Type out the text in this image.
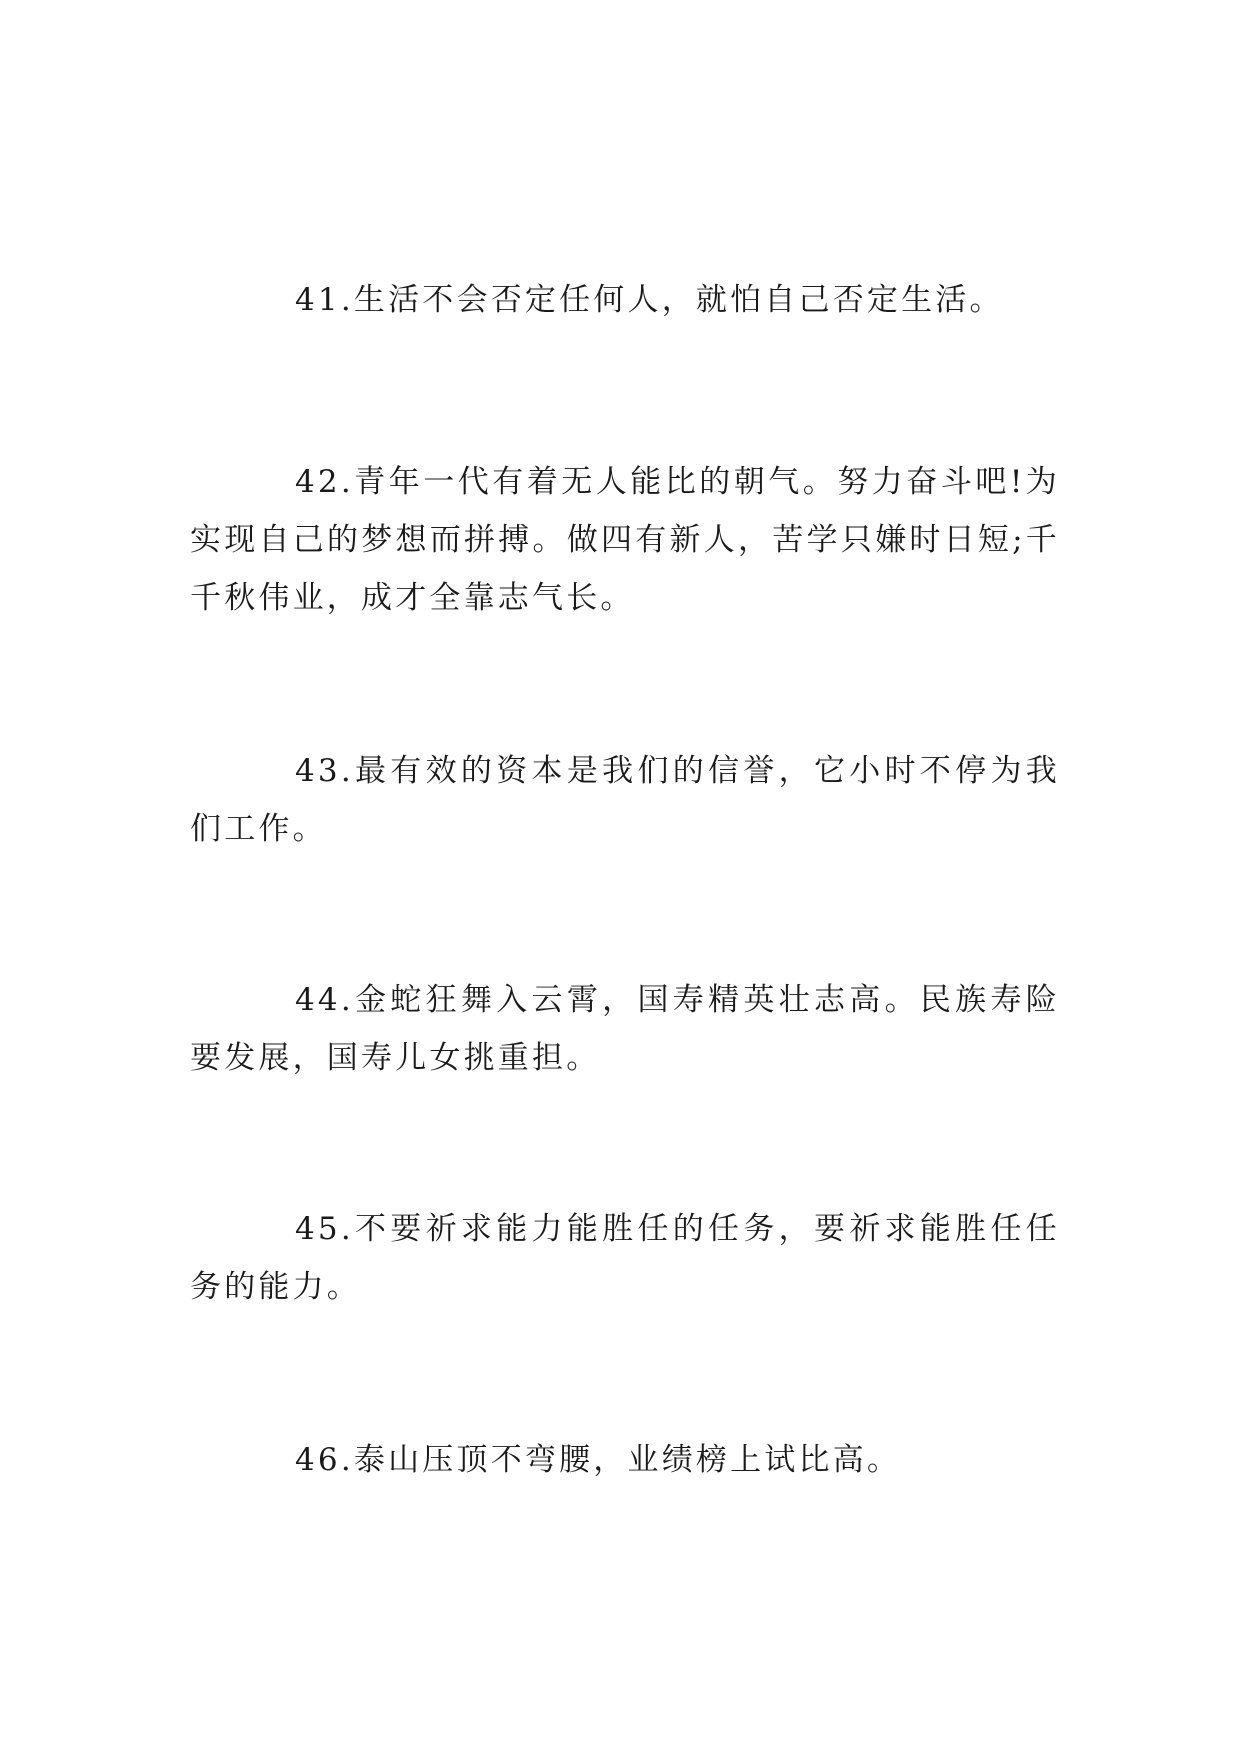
41.生活不会否定任何人，就怕自己否定生活。

42.青年一代有着无人能比的朝气。努力奋斗吧!为实现自己的梦想而拼搏。做四有新人，苦学只嫌时日短;千千秋伟业，成才全靠志气长。

43.最有效的资本是我们的信誉，它小时不停为我们工作。

44.金蛇狂舞入云霄，国寿精英壮志高。民族寿险要发展，国寿儿女挑重担。

45.不要祈求能力能胜任的任务，要祈求能胜任任务的能力。

46.泰山压顶不弯腰，业绩榜上试比高。
